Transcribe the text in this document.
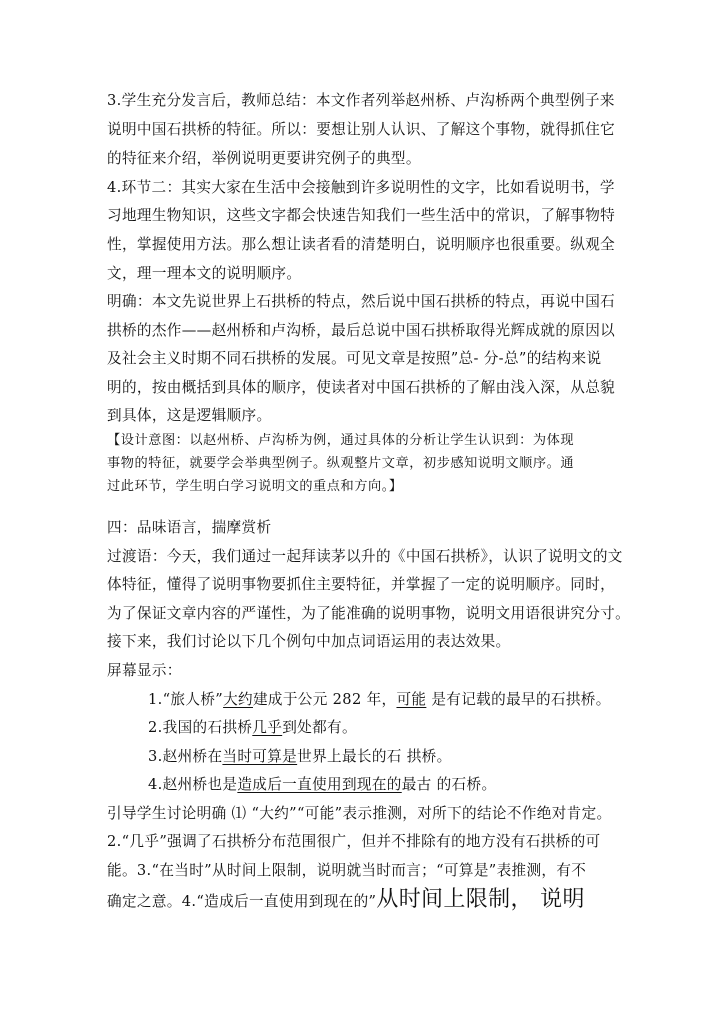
3.学生充分发言后，教师总结：本文作者列举赵州桥、卢沟桥两个典型例子来
说明中国石拱桥的特征。所以：要想让别人认识、了解这个事物，就得抓住它
的特征来介绍，举例说明更要讲究例子的典型。
4.环节二：其实大家在生活中会接触到许多说明性的文字，比如看说明书，学
习地理生物知识，这些文字都会快速告知我们一些生活中的常识，了解事物特
性，掌握使用方法。那么想让读者看的清楚明白，说明顺序也很重要。纵观全
文，理一理本文的说明顺序。
明确：本文先说世界上石拱桥的特点，然后说中国石拱桥的特点，再说中国石
拱桥的杰作——赵州桥和卢沟桥，最后总说中国石拱桥取得光辉成就的原因以
及社会主义时期不同石拱桥的发展。可见文章是按照”总- 分-总”的结构来说
明的，按由概括到具体的顺序，使读者对中国石拱桥的了解由浅入深，从总貌
到具体，这是逻辑顺序。
【设计意图：以赵州桥、卢沟桥为例，通过具体的分析让学生认识到：为体现
事物的特征，就要学会举典型例子。纵观整片文章，初步感知说明文顺序。通
过此环节，学生明白学习说明文的重点和方向。】
四：品味语言，揣摩赏析
过渡语：今天，我们通过一起拜读茅以升的《中国石拱桥》，认识了说明文的文
体特征，懂得了说明事物要抓住主要特征，并掌握了一定的说明顺序。同时，
为了保证文章内容的严谨性，为了能准确的说明事物，说明文用语很讲究分寸。
接下来，我们讨论以下几个例句中加点词语运用的表达效果。
屏幕显示：
1.“旅人桥”大约建成于公元 282 年，可能 是有记载的最早的石拱桥。
2.我国的石拱桥几乎到处都有。
3.赵州桥在当时可算是世界上最长的石 拱桥。
4.赵州桥也是造成后一直使用到现在的最古 的石桥。
引导学生讨论明确 ⑴ “大约”“可能”表示推测，对所下的结论不作绝对肯定。
2.“几乎”强调了石拱桥分布范围很广，但并不排除有的地方没有石拱桥的可
能。3.“在当时”从时间上限制，说明就当时而言；“可算是”表推测，有不
确定之意。4.“造成后一直使用到现在的”从时间上限制， 说明
